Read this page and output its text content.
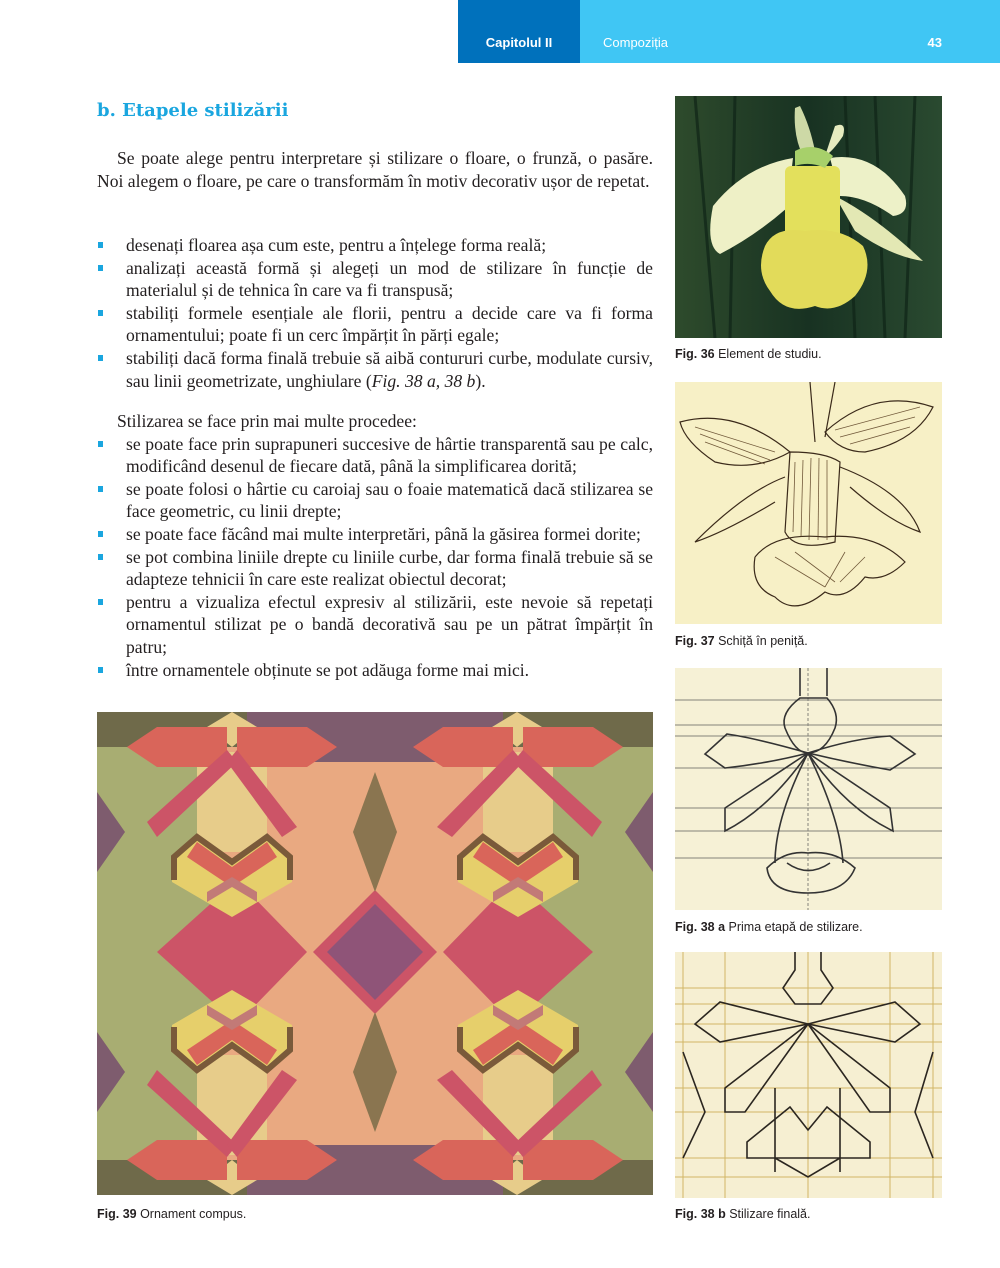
Capitolul II	Compoziția	43
b. Etapele stilizării

Se poate alege pentru interpretare și stilizare o floare, o frunză, o pasăre. Noi alegem o floare, pe care o transformăm în motiv decorativ ușor de repetat.

desenați floarea așa cum este, pentru a înțelege forma reală;
analizați această formă și alegeți un mod de stilizare în funcție de materialul și de tehnica în care va fi transpusă;
stabiliți formele esențiale ale florii, pentru a decide care va fi forma ornamentului; poate fi un cerc împărțit în părți egale;
stabiliți dacă forma finală trebuie să aibă contururi curbe, modulate cursiv, sau linii geometrizate, unghiulare (Fig. 38 a, 38 b).

Stilizarea se face prin mai multe procedee:

se poate face prin suprapuneri succesive de hârtie transparentă sau pe calc, modificând desenul de fiecare dată, până la simplificarea dorită;
se poate folosi o hârtie cu caroiaj sau o foaie matematică dacă stilizarea se face geometric, cu linii drepte;
se poate face făcând mai multe interpretări, până la găsirea formei dorite;
se pot combina liniile drepte cu liniile curbe, dar forma finală trebuie să se adapteze tehnicii în care este realizat obiectul decorat;
pentru a vizualiza efectul expresiv al stilizării, este nevoie să repetați ornamentul stilizat pe o bandă decorativă sau pe un pătrat împărțit în patru;
între ornamentele obținute se pot adăuga forme mai mici.
Fig. 36 Element de studiu.
Fig. 37 Schiță în peniță.
Fig. 38 a Prima etapă de stilizare.
Fig. 38 b Stilizare finală.
Fig. 39 Ornament compus.
